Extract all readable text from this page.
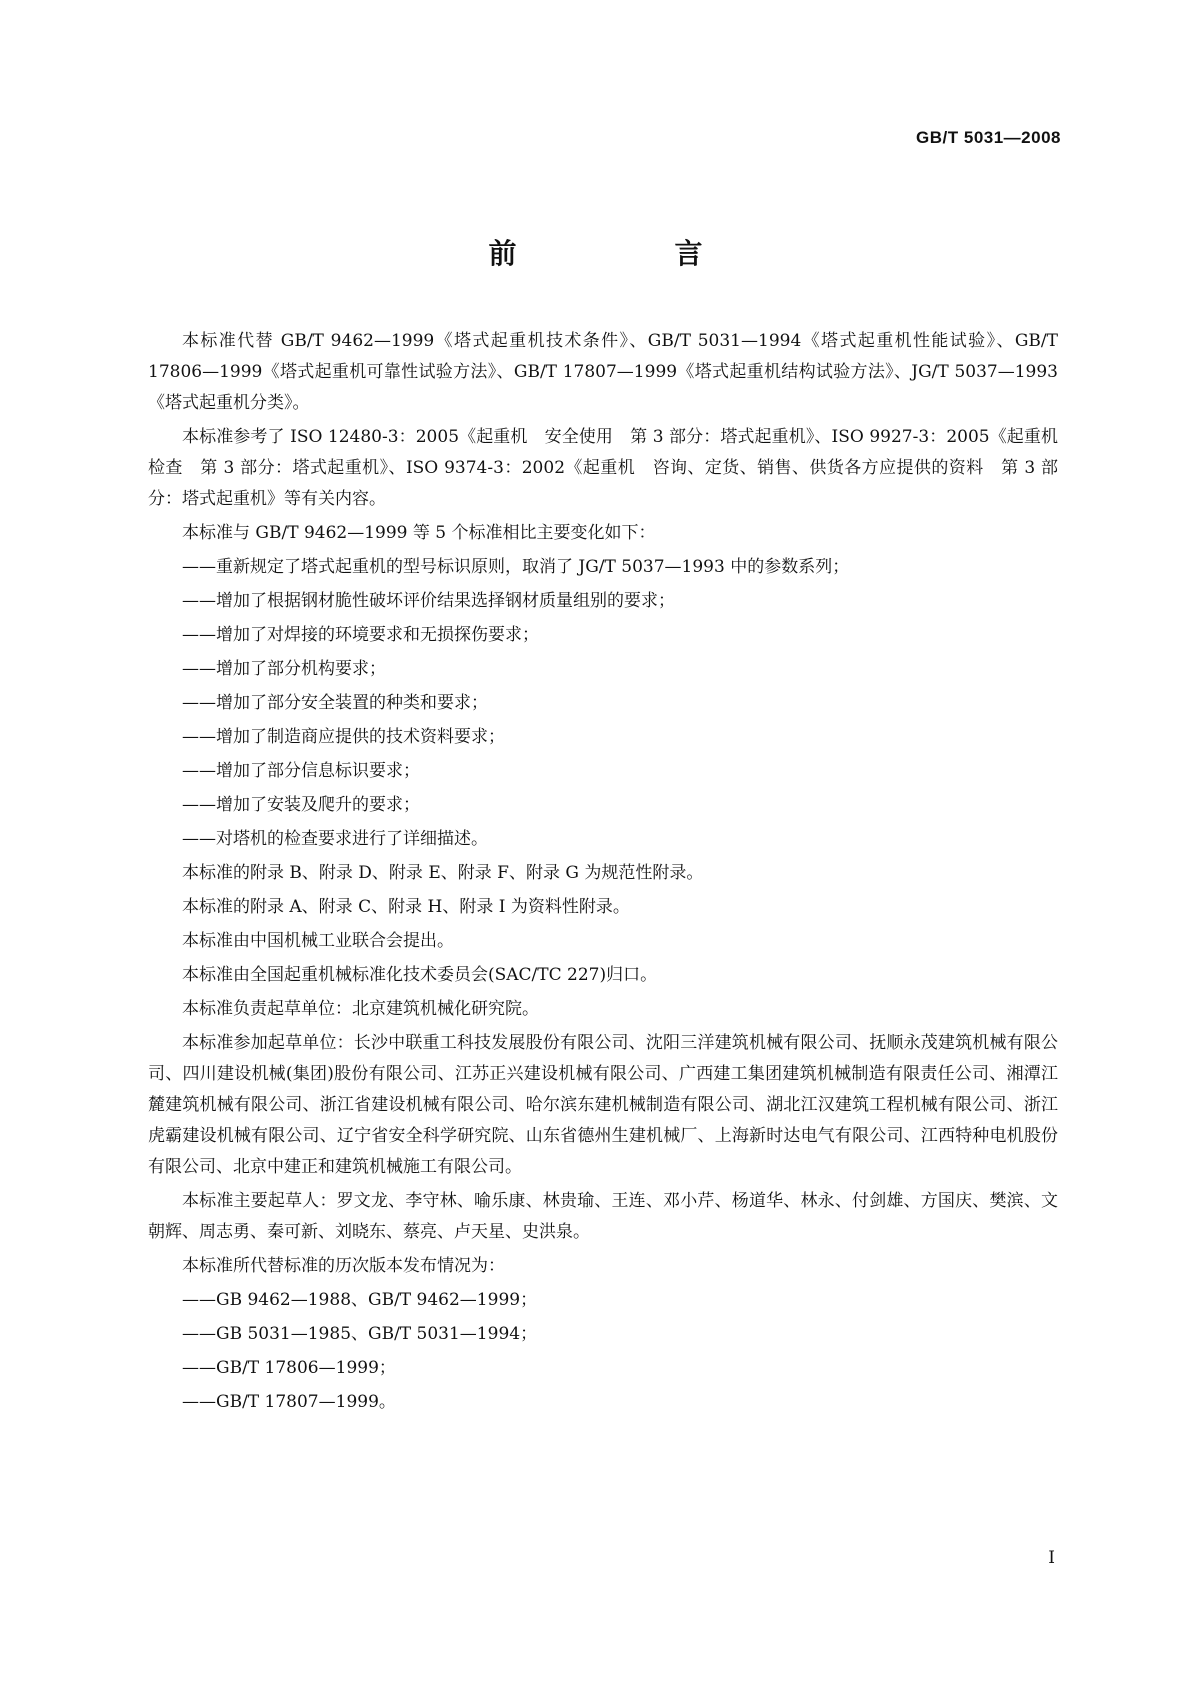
GB/T 5031—2008
前　　言

本标准代替 GB/T 9462—1999《塔式起重机技术条件》、GB/T 5031—1994《塔式起重机性能试验》、GB/T 17806—1999《塔式起重机可靠性试验方法》、GB/T 17807—1999《塔式起重机结构试验方法》、JG/T 5037—1993《塔式起重机分类》。

本标准参考了 ISO 12480-3：2005《起重机　安全使用　第 3 部分：塔式起重机》、ISO 9927-3：2005《起重机　检查　第 3 部分：塔式起重机》、ISO 9374-3：2002《起重机　咨询、定货、销售、供货各方应提供的资料　第 3 部分：塔式起重机》等有关内容。

本标准与 GB/T 9462—1999 等 5 个标准相比主要变化如下：

——重新规定了塔式起重机的型号标识原则，取消了 JG/T 5037—1993 中的参数系列；

——增加了根据钢材脆性破坏评价结果选择钢材质量组别的要求；

——增加了对焊接的环境要求和无损探伤要求；

——增加了部分机构要求；

——增加了部分安全装置的种类和要求；

——增加了制造商应提供的技术资料要求；

——增加了部分信息标识要求；

——增加了安装及爬升的要求；

——对塔机的检查要求进行了详细描述。

本标准的附录 B、附录 D、附录 E、附录 F、附录 G 为规范性附录。

本标准的附录 A、附录 C、附录 H、附录 I 为资料性附录。

本标准由中国机械工业联合会提出。

本标准由全国起重机械标准化技术委员会(SAC/TC 227)归口。

本标准负责起草单位：北京建筑机械化研究院。

本标准参加起草单位：长沙中联重工科技发展股份有限公司、沈阳三洋建筑机械有限公司、抚顺永茂建筑机械有限公司、四川建设机械(集团)股份有限公司、江苏正兴建设机械有限公司、广西建工集团建筑机械制造有限责任公司、湘潭江麓建筑机械有限公司、浙江省建设机械有限公司、哈尔滨东建机械制造有限公司、湖北江汉建筑工程机械有限公司、浙江虎霸建设机械有限公司、辽宁省安全科学研究院、山东省德州生建机械厂、上海新时达电气有限公司、江西特种电机股份有限公司、北京中建正和建筑机械施工有限公司。

本标准主要起草人：罗文龙、李守林、喻乐康、林贵瑜、王连、邓小芹、杨道华、林永、付剑雄、方国庆、樊滨、文朝辉、周志勇、秦可新、刘晓东、蔡亮、卢天星、史洪泉。

本标准所代替标准的历次版本发布情况为：

——GB 9462—1988、GB/T 9462—1999；

——GB 5031—1985、GB/T 5031—1994；

——GB/T 17806—1999；

——GB/T 17807—1999。

I
